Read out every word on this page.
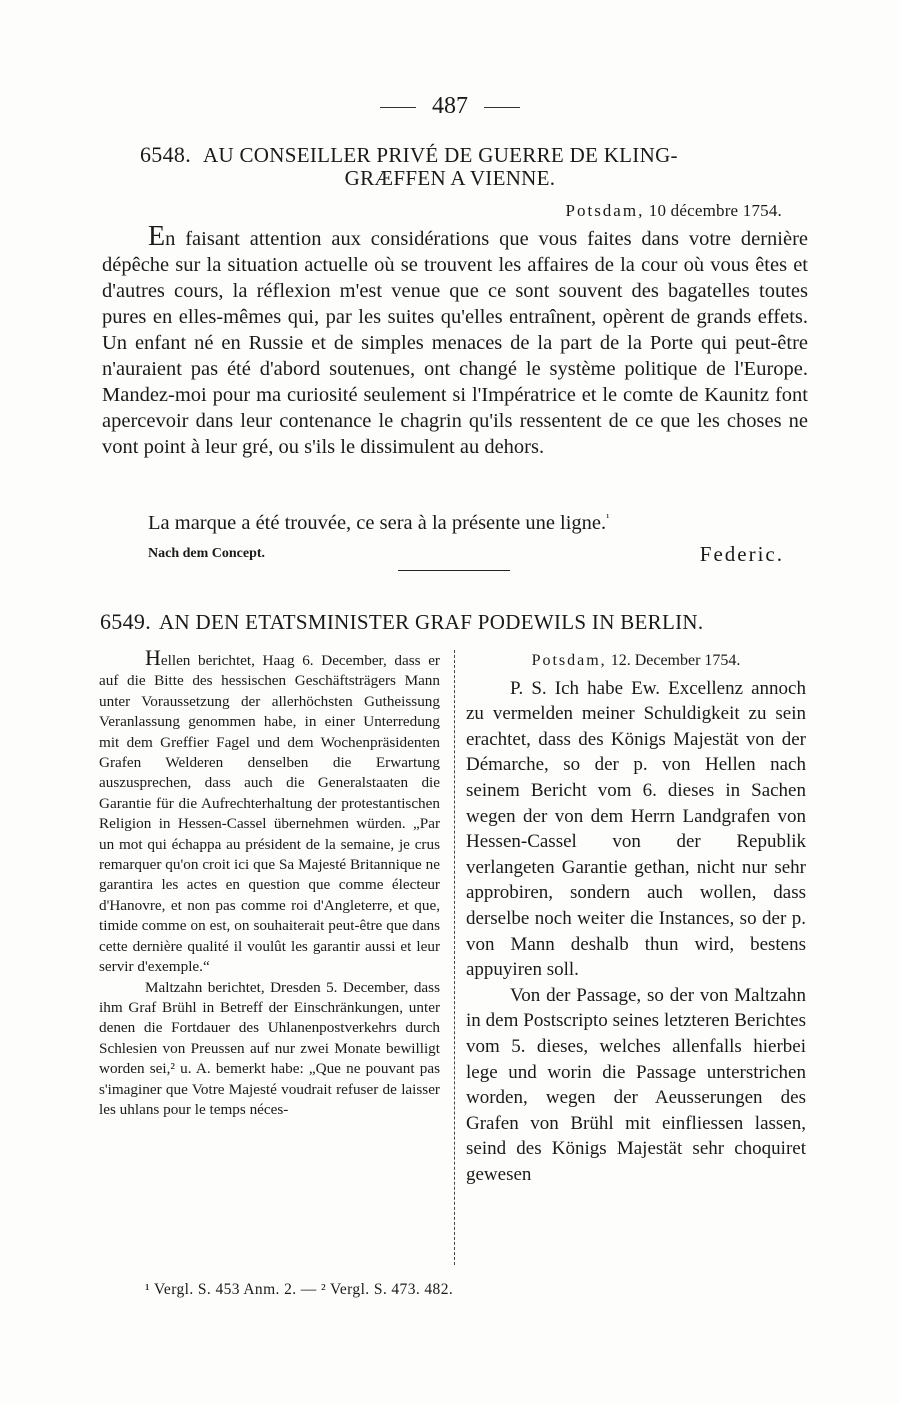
487
6548. AU CONSEILLER PRIVÉ DE GUERRE DE KLING-
GRÆFFEN A VIENNE.
Potsdam, 10 décembre 1754.

En faisant attention aux considérations que vous faites dans votre dernière dépêche sur la situation actuelle où se trouvent les affaires de la cour où vous êtes et d'autres cours, la réflexion m'est venue que ce sont souvent des bagatelles toutes pures en elles-mêmes qui, par les suites qu'elles entraînent, opèrent de grands effets. Un enfant né en Russie et de simples menaces de la part de la Porte qui peut-être n'auraient pas été d'abord soutenues, ont changé le système politique de l'Europe. Mandez-moi pour ma curiosité seulement si l'Impératrice et le comte de Kaunitz font apercevoir dans leur contenance le chagrin qu'ils ressentent de ce que les choses ne vont point à leur gré, ou s'ils le dissimulent au dehors.

La marque a été trouvée, ce sera à la présente une ligne.$^{^1}$
Nach dem Concept.	Federic.
6549. AN DEN ETATSMINISTER GRAF PODEWILS IN BERLIN.

Hellen berichtet, Haag 6. December, dass er auf die Bitte des hessischen Geschäftsträgers Mann unter Voraussetzung der allerhöchsten Gutheissung Veranlassung genommen habe, in einer Unterredung mit dem Greffier Fagel und dem Wochenpräsidenten Grafen Welderen denselben die Erwartung auszusprechen, dass auch die Generalstaaten die Garantie für die Aufrechterhaltung der protestantischen Religion in Hessen-Cassel übernehmen würden. „Par un mot qui échappa au président de la semaine, je crus remarquer qu'on croit ici que Sa Majesté Britannique ne garantira les actes en question que comme électeur d'Hanovre, et non pas comme roi d'Angleterre, et que, timide comme on est, on souhaiterait peut-être que dans cette dernière qualité il voulût les garantir aussi et leur servir d'exemple.“

Maltzahn berichtet, Dresden 5. December, dass ihm Graf Brühl in Betreff der Einschränkungen, unter denen die Fortdauer des Uhlanenpostverkehrs durch Schlesien von Preussen auf nur zwei Monate bewilligt worden sei,² u. A. bemerkt habe: „Que ne pouvant pas s'imaginer que Votre Majesté voudrait refuser de laisser les uhlans pour le temps néces-

Potsdam, 12. December 1754.

P. S. Ich habe Ew. Excellenz annoch zu vermelden meiner Schuldigkeit zu sein erachtet, dass des Königs Majestät von der Démarche, so der p. von Hellen nach seinem Bericht vom 6. dieses in Sachen wegen der von dem Herrn Landgrafen von Hessen-Cassel von der Republik verlangeten Garantie gethan, nicht nur sehr approbiren, sondern auch wollen, dass derselbe noch weiter die Instances, so der p. von Mann deshalb thun wird, bestens appuyiren soll.

Von der Passage, so der von Maltzahn in dem Postscripto seines letzteren Berichtes vom 5. dieses, welches allenfalls hierbei lege und worin die Passage unterstrichen worden, wegen der Aeusserungen des Grafen von Brühl mit einfliessen lassen, seind des Königs Majestät sehr choquiret gewesen

¹ Vergl. S. 453 Anm. 2. — ² Vergl. S. 473. 482.
